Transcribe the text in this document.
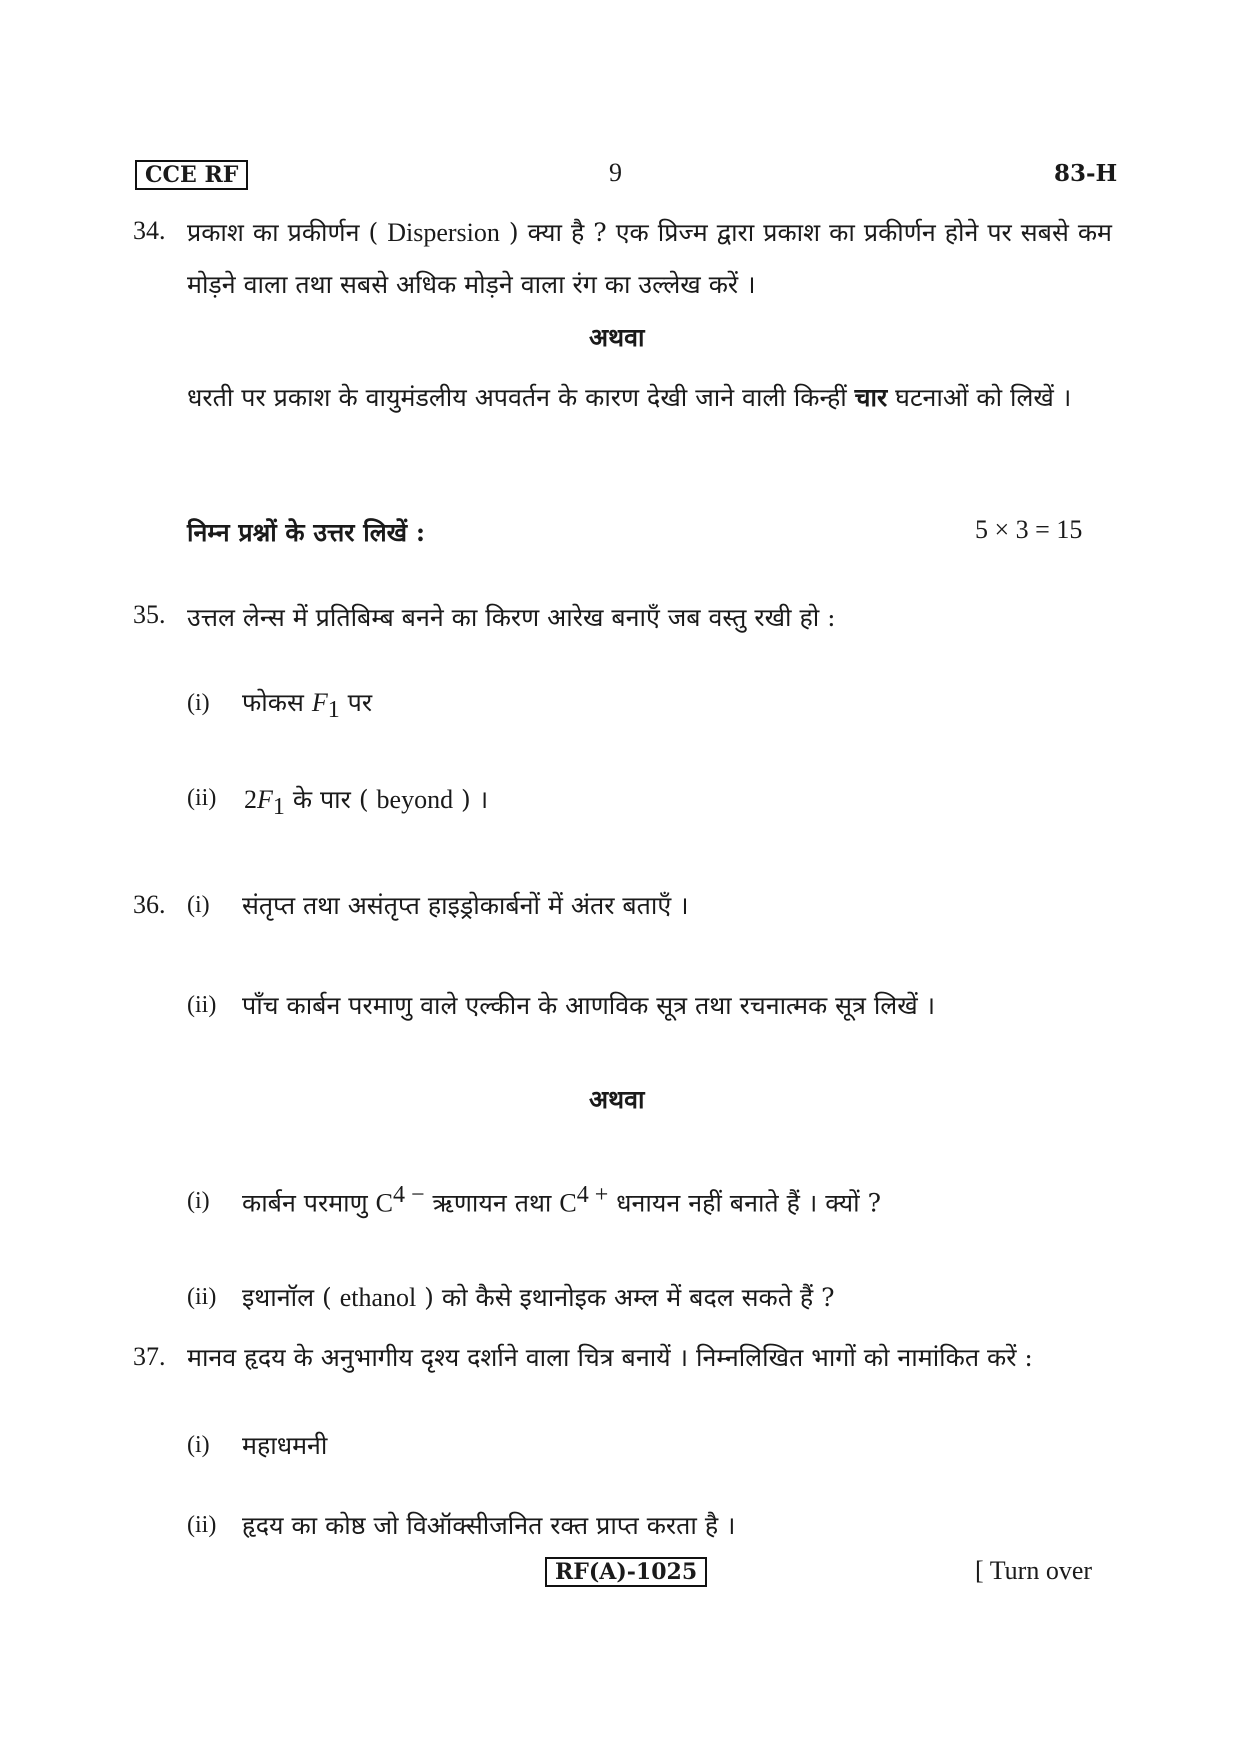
CCE RF	9	83-H
34. प्रकाश का प्रकीर्णन ( Dispersion ) क्या है ? एक प्रिज्म द्वारा प्रकाश का प्रकीर्णन होने पर सबसे कम मोड़ने वाला तथा सबसे अधिक मोड़ने वाला रंग का उल्लेख करें ।
अथवा
धरती पर प्रकाश के वायुमंडलीय अपवर्तन के कारण देखी जाने वाली किन्हीं चार घटनाओं को लिखें ।
निम्न प्रश्नों के उत्तर लिखें :	5 × 3 = 15
35. उत्तल लेन्स में प्रतिबिम्ब बनने का किरण आरेख बनाएँ जब वस्तु रखी हो :
(i) फोकस $F_1$ पर
(ii) $2F_1$ के पार ( beyond ) ।
36. (i) संतृप्त तथा असंतृप्त हाइड्रोकार्बनों में अंतर बताएँ ।
(ii) पाँच कार्बन परमाणु वाले एल्कीन के आणविक सूत्र तथा रचनात्मक सूत्र लिखें ।
अथवा
(i) कार्बन परमाणु $C^{4 -}$ ऋणायन तथा $C^{4 +}$ धनायन नहीं बनाते हैं । क्यों ?
(ii) इथानॉल ( ethanol ) को कैसे इथानोइक अम्ल में बदल सकते हैं ?
37. मानव हृदय के अनुभागीय दृश्य दर्शाने वाला चित्र बनायें । निम्नलिखित भागों को नामांकित करें :
(i) महाधमनी
(ii) हृदय का कोष्ठ जो विऑक्सीजनित रक्त प्राप्त करता है ।
RF(A)-1025	[ Turn over
